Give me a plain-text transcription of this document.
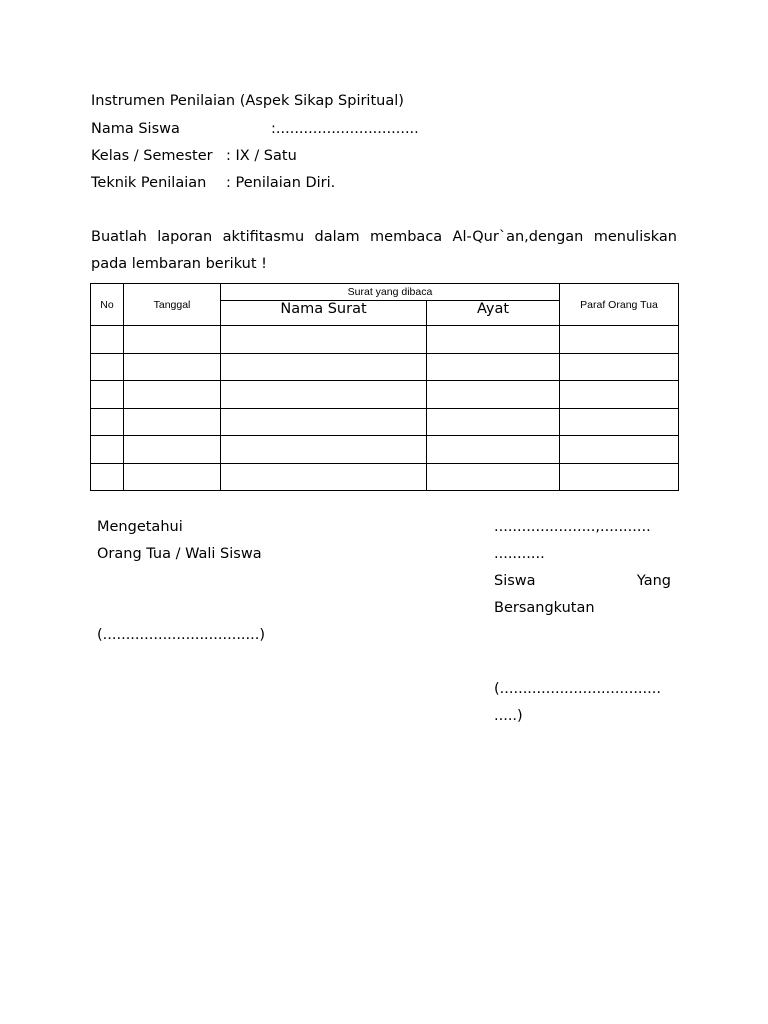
Instrumen Penilaian (Aspek Sikap Spiritual)
Nama Siswa	:...............................
Kelas / Semester : IX / Satu
Teknik Penilaian : Penilaian Diri.
Buatlah laporan aktifitasmu dalam membaca Al-Qur`an,dengan menuliskan
pada lembaran berikut !
No	Tanggal	Surat yang dibaca		Paraf Orang Tua
		Nama Surat	Ayat	

Mengetahui
Orang Tua / Wali Siswa
(..................................)
......................,...........
...........
Siswa	Yang
Bersangkutan
(...................................
.....)
